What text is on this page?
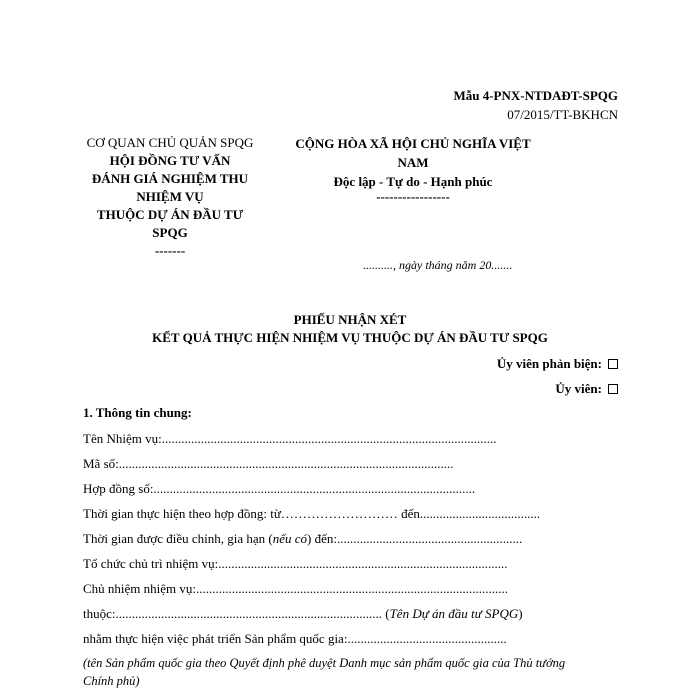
Mẫu 4-PNX-NTDAĐT-SPQG
07/2015/TT-BKHCN
CƠ QUAN CHỦ QUẢN SPQG
HỘI ĐỒNG TƯ VẤN
ĐÁNH GIÁ NGHIỆM THU
NHIỆM VỤ
THUỘC DỰ ÁN ĐẦU TƯ SPQG
-------
CỘNG HÒA XÃ HỘI CHỦ NGHĨA VIỆT
NAM
Độc lập - Tự do - Hạnh phúc
-----------------
.........., ngày tháng năm 20.......
PHIẾU NHẬN XÉT
KẾT QUẢ THỰC HIỆN NHIỆM VỤ THUỘC DỰ ÁN ĐẦU TƯ SPQG
Ủy viên phản biện:
Ủy viên:
1. Thông tin chung:
Tên Nhiệm vụ:.......................................................................................................
Mã số:.......................................................................................................
Hợp đồng số:...................................................................................................
Thời gian thực hiện theo hợp đồng: từ……………………… đến.....................................
Thời gian được điều chỉnh, gia hạn (nếu có) đến:.........................................................
Tổ chức chủ trì nhiệm vụ:.........................................................................................
Chủ nhiệm nhiệm vụ:................................................................................................
thuộc:.................................................................................. (Tên Dự án đầu tư SPQG)
nhằm thực hiện việc phát triển Sản phẩm quốc gia:.................................................
(tên Sản phẩm quốc gia theo Quyết định phê duyệt Danh mục sản phẩm quốc gia của Thủ tướng
Chính phủ)
